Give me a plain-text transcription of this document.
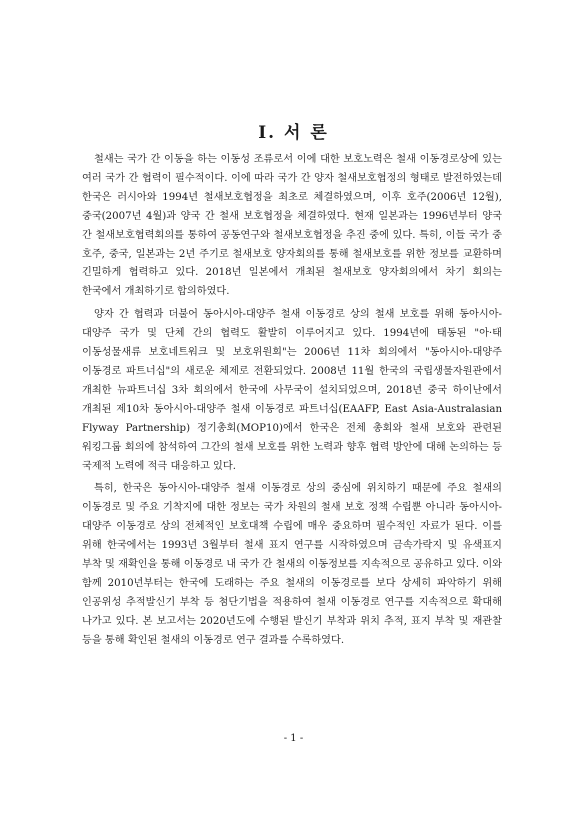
Ⅰ. 서 론

철새는 국가 간 이동을 하는 이동성 조류로서 이에 대한 보호노력은 철새 이동경로상에 있는 여러 국가 간 협력이 필수적이다. 이에 따라 국가 간 양자 철새보호협정의 형태로 발전하였는데 한국은 러시아와 1994년 철새보호협정을 최초로 체결하였으며, 이후 호주(2006년 12월), 중국(2007년 4월)과 양국 간 철새 보호협정을 체결하였다. 현재 일본과는 1996년부터 양국 간 철새보호협력회의를 통하여 공동연구와 철새보호협정을 추진 중에 있다. 특히, 이들 국가 중 호주, 중국, 일본과는 2년 주기로 철새보호 양자회의를 통해 철새보호를 위한 정보를 교환하며 긴밀하게 협력하고 있다. 2018년 일본에서 개최된 철새보호 양자회의에서 차기 회의는 한국에서 개최하기로 합의하였다.

양자 간 협력과 더불어 동아시아-대양주 철새 이동경로 상의 철새 보호를 위해 동아시아-대양주 국가 및 단체 간의 협력도 활발히 이루어지고 있다. 1994년에 태동된 "아·태 이동성물새류 보호네트워크 및 보호위원회"는 2006년 11차 회의에서 "동아시아-대양주 이동경로 파트너십"의 새로운 체제로 전환되었다. 2008년 11월 한국의 국립생물자원관에서 개최한 뉴파트너십 3차 회의에서 한국에 사무국이 설치되었으며, 2018년 중국 하이난에서 개최된 제10차 동아시아-대양주 철새 이동경로 파트너십(EAAFP, East Asia-Australasian Flyway Partnership) 정기총회(MOP10)에서 한국은 전체 총회와 철새 보호와 관련된 워킹그룹 회의에 참석하여 그간의 철새 보호를 위한 노력과 향후 협력 방안에 대해 논의하는 등 국제적 노력에 적극 대응하고 있다.

특히, 한국은 동아시아-대양주 철새 이동경로 상의 중심에 위치하기 때문에 주요 철새의 이동경로 및 주요 기착지에 대한 정보는 국가 차원의 철새 보호 정책 수립뿐 아니라 동아시아-대양주 이동경로 상의 전체적인 보호대책 수립에 매우 중요하며 필수적인 자료가 된다. 이를 위해 한국에서는 1993년 3월부터 철새 표지 연구를 시작하였으며 금속가락지 및 유색표지 부착 및 재확인을 통해 이동경로 내 국가 간 철새의 이동정보를 지속적으로 공유하고 있다. 이와 함께 2010년부터는 한국에 도래하는 주요 철새의 이동경로를 보다 상세히 파악하기 위해 인공위성 추적발신기 부착 등 첨단기법을 적용하여 철새 이동경로 연구를 지속적으로 확대해 나가고 있다. 본 보고서는 2020년도에 수행된 발신기 부착과 위치 추적, 표지 부착 및 재관찰 등을 통해 확인된 철새의 이동경로 연구 결과를 수록하였다.

- 1 -
